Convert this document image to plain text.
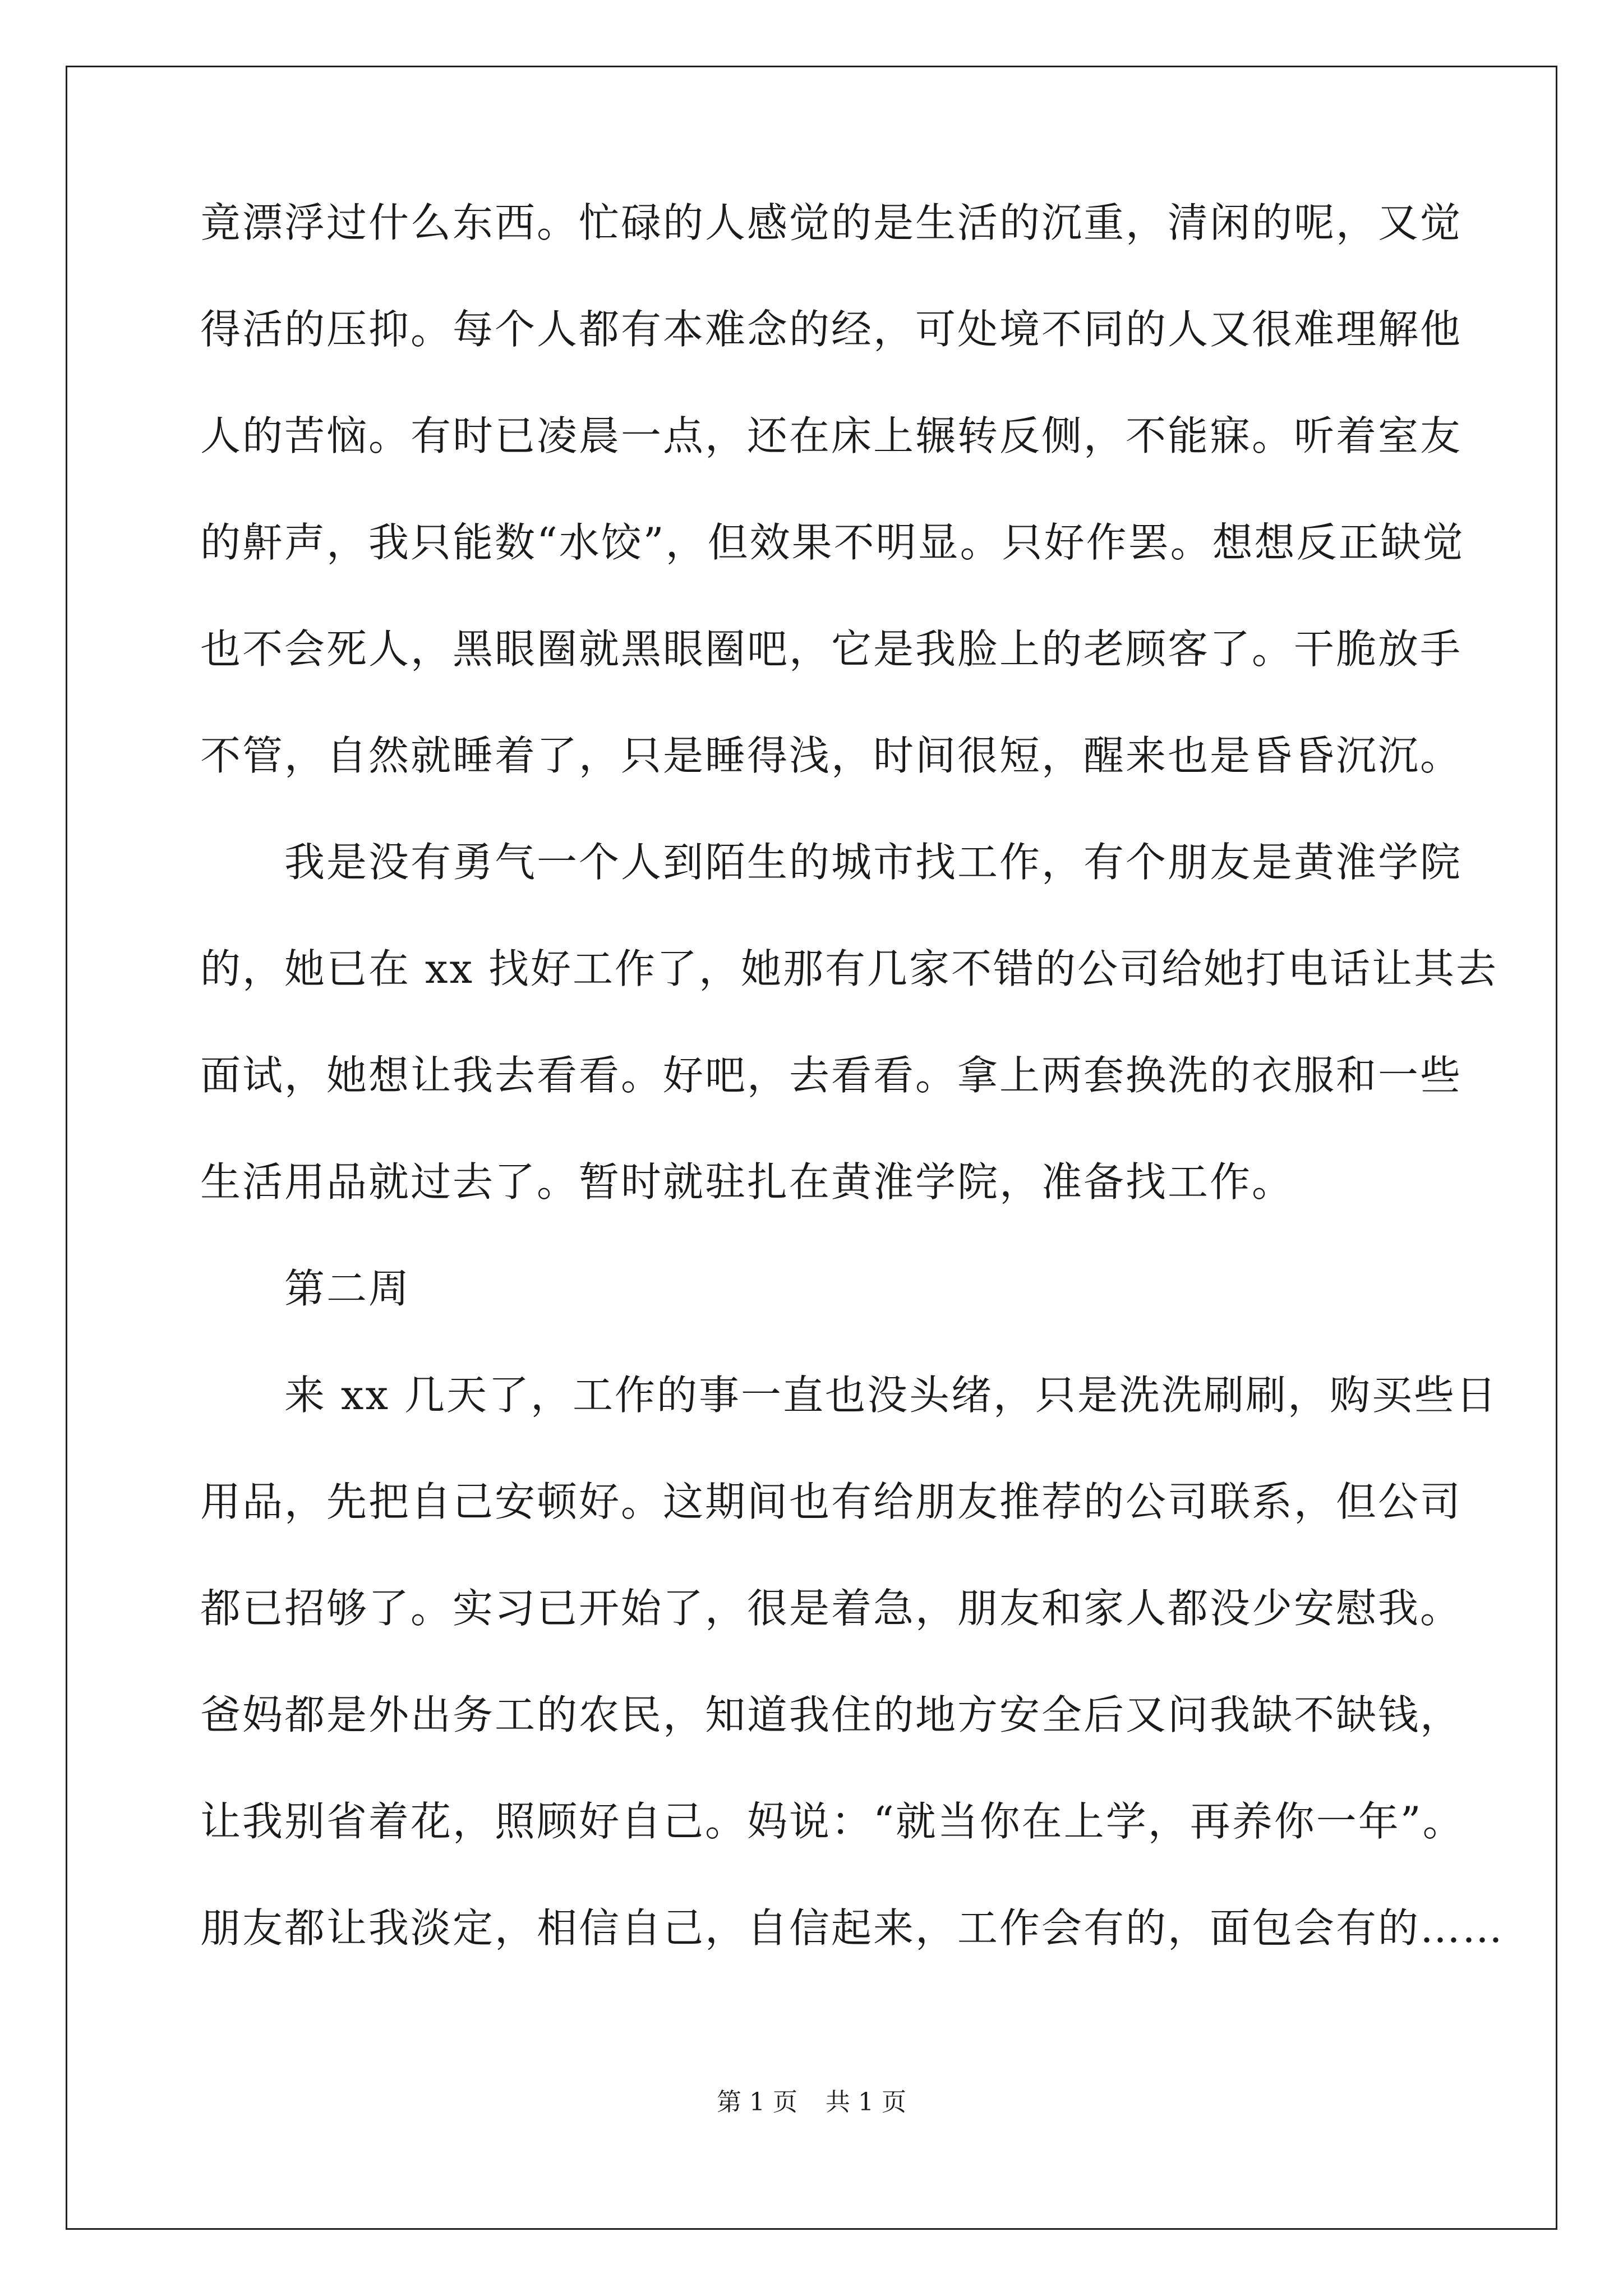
竟漂浮过什么东西。忙碌的人感觉的是生活的沉重，清闲的呢，又觉
得活的压抑。每个人都有本难念的经，可处境不同的人又很难理解他
人的苦恼。有时已凌晨一点，还在床上辗转反侧，不能寐。听着室友
的鼾声，我只能数“水饺”，但效果不明显。只好作罢。想想反正缺觉
也不会死人，黑眼圈就黑眼圈吧，它是我脸上的老顾客了。干脆放手
不管，自然就睡着了，只是睡得浅，时间很短，醒来也是昏昏沉沉。
我是没有勇气一个人到陌生的城市找工作，有个朋友是黄淮学院
的，她已在 xx 找好工作了，她那有几家不错的公司给她打电话让其去
面试，她想让我去看看。好吧，去看看。拿上两套换洗的衣服和一些
生活用品就过去了。暂时就驻扎在黄淮学院，准备找工作。
第二周
来 xx 几天了，工作的事一直也没头绪，只是洗洗刷刷，购买些日
用品，先把自己安顿好。这期间也有给朋友推荐的公司联系，但公司
都已招够了。实习已开始了，很是着急，朋友和家人都没少安慰我。
爸妈都是外出务工的农民，知道我住的地方安全后又问我缺不缺钱，
让我别省着花，照顾好自己。妈说：“就当你在上学，再养你一年”。
朋友都让我淡定，相信自己，自信起来，工作会有的，面包会有的……
第 1 页 共 1 页
